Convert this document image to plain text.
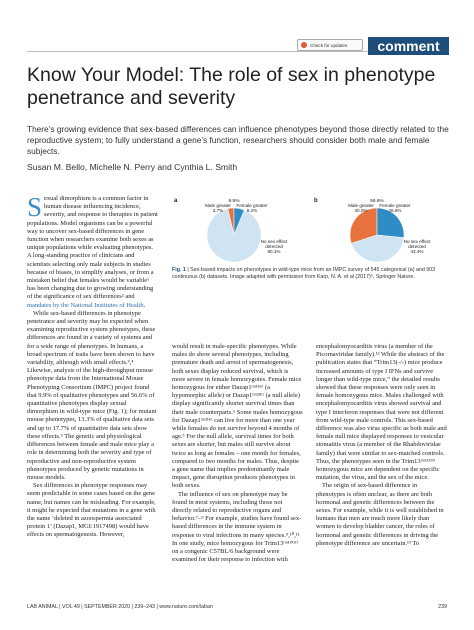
Check for updates	comment
Know Your Model: The role of sex in phenotype penetrance and severity
There’s growing evidence that sex-based differences can influence phenotypes beyond those directly related to the reproductive system; to fully understand a gene’s function, researchers should consider both male and female subjects.
Susan M. Bello, Michelle N. Perry and Cynthia L. Smith

Sexual dimorphism is a common factor in human disease influencing incidence, severity, and response to therapies in patient populations. Model organisms can be a powerful way to uncover sex-based differences in gene function when researchers examine both sexes as unique populations while evaluating phenotypes. A long-standing practice of clinicians and scientists selecting only male subjects in studies because of biases, to simplify analyses, or from a mistaken belief that females would be variable¹ has been changing due to growing understanding of the significance of sex differences² and mandates by the National Institutes of Health.

While sex-based differences in phenotype penetrance and severity may be expected when examining reproductive system phenotypes, these differences are found in a variety of systems and for a wide range of phenotypes. In humans, a broad spectrum of traits have been shown to have variability, although with small effects.³,⁴ Likewise, analysis of the high-throughput mouse phenotype data from the International Mouse Phenotyping Consortium (IMPC) project found that 9.9% of qualitative phenotypes and 56.6% of quantitative phenotypes display sexual dimorphism in wild-type mice (Fig. 1); for mutant mouse phenotypes, 13.3% of qualitative data sets and up to 17.7% of quantitative data sets show these effects.⁵ The genetic and physiological differences between female and male mice play a role in determining both the severity and type of reproductive and non-reproductive system phenotypes produced by genetic mutations in mouse models.

Sex differences in phenotype responses may seem predictable in some cases based on the gene name, but names can be misleading. For example, it might be expected that mutations in a gene with the name ‘deleted in azoospermia associated protein 1’ (Dazap1, MGI:1917498) would have effects on spermatogenesis. However,

a	9.9%
Male greater
3.7%
Female greater
6.2%
No sex effect
detected
90.1%
b	56.6%
Male greater
30.0%
Female greater
26.6%
No sex effect
detected
43.4%
Fig. 1 | Sex-based impacts on phenotypes in wild-type mice from an IMPC survey of 545 categorical (a) and 903 continuous (b) datasets. Image adapted with permission from Karp, N. A. et al (2017)⁵, Springer Nature.

would result in male-specific phenotypes. While males do show several phenotypes, including premature death and arrest of spermatogenesis, both sexes display reduced survival, which is more severe in female homozygotes. Female mice homozygous for either Dazap1ᵗᵐ¹ᴴʳᵗ (a hypomorphic allele) or Dazap1ᵗᵐ²ᴴʳᵗ (a null allele) display significantly shorter survival times than their male counterparts.⁶ Some males homozygous for Dazap1ᵗᵐ²ᴴʳᵗ can live for more than one year while females do not survive beyond 4 months of age.⁶ For the null allele, survival times for both sexes are shorter, but males still survive about twice as long as females – one month for females, compared to two months for males. Thus, despite a gene name that implies predominantly male impact, gene disruption produces phenotypes in both sexes.

The influence of sex on phenotype may be found in most systems, including those not directly related to reproductive organs and behavior.⁷–⁹ For example, studies have found sex-based differences in the immune system in response to viral infections in many species.⁹,¹⁰,¹¹ In one study, mice homozygous for Trim13ᵗᵐ¹ᴰᴼᴰ on a congenic C57BL/6 background were examined for their response to infection with

encephalomyocarditis virus (a member of the Picornaviridae family).¹² While the abstract of the publication states that “Trim13(-/-) mice produce increased amounts of type I IFNs and survive longer than wild-type mice,” the detailed results showed that these responses were only seen in female homozygous mice. Males challenged with encephalomyocarditis virus showed survival and type I interferon responses that were not different from wild-type male controls. This sex-based difference was also virus specific as both male and female null mice displayed responses to vesicular stomatitis virus (a member of the Rhabdoviridae family) that were similar to sex-matched controls. Thus, the phenotypes seen in the Trim13ᵗᵐ¹ᴰᴼᴰ homozygous mice are dependent on the specific mutation, the virus, and the sex of the mice.

The origin of sex-based difference in phenotypes is often unclear, as there are both hormonal and genetic differences between the sexes. For example, while it is well established in humans that men are much more likely than women to develop bladder cancer, the roles of hormonal and genetic differences in driving the phenotype difference are uncertain.¹³ To

LAB ANIMAL | VOL 49 | SEPTEMBER 2020 | 239–243 | www.nature.com/laban	239
